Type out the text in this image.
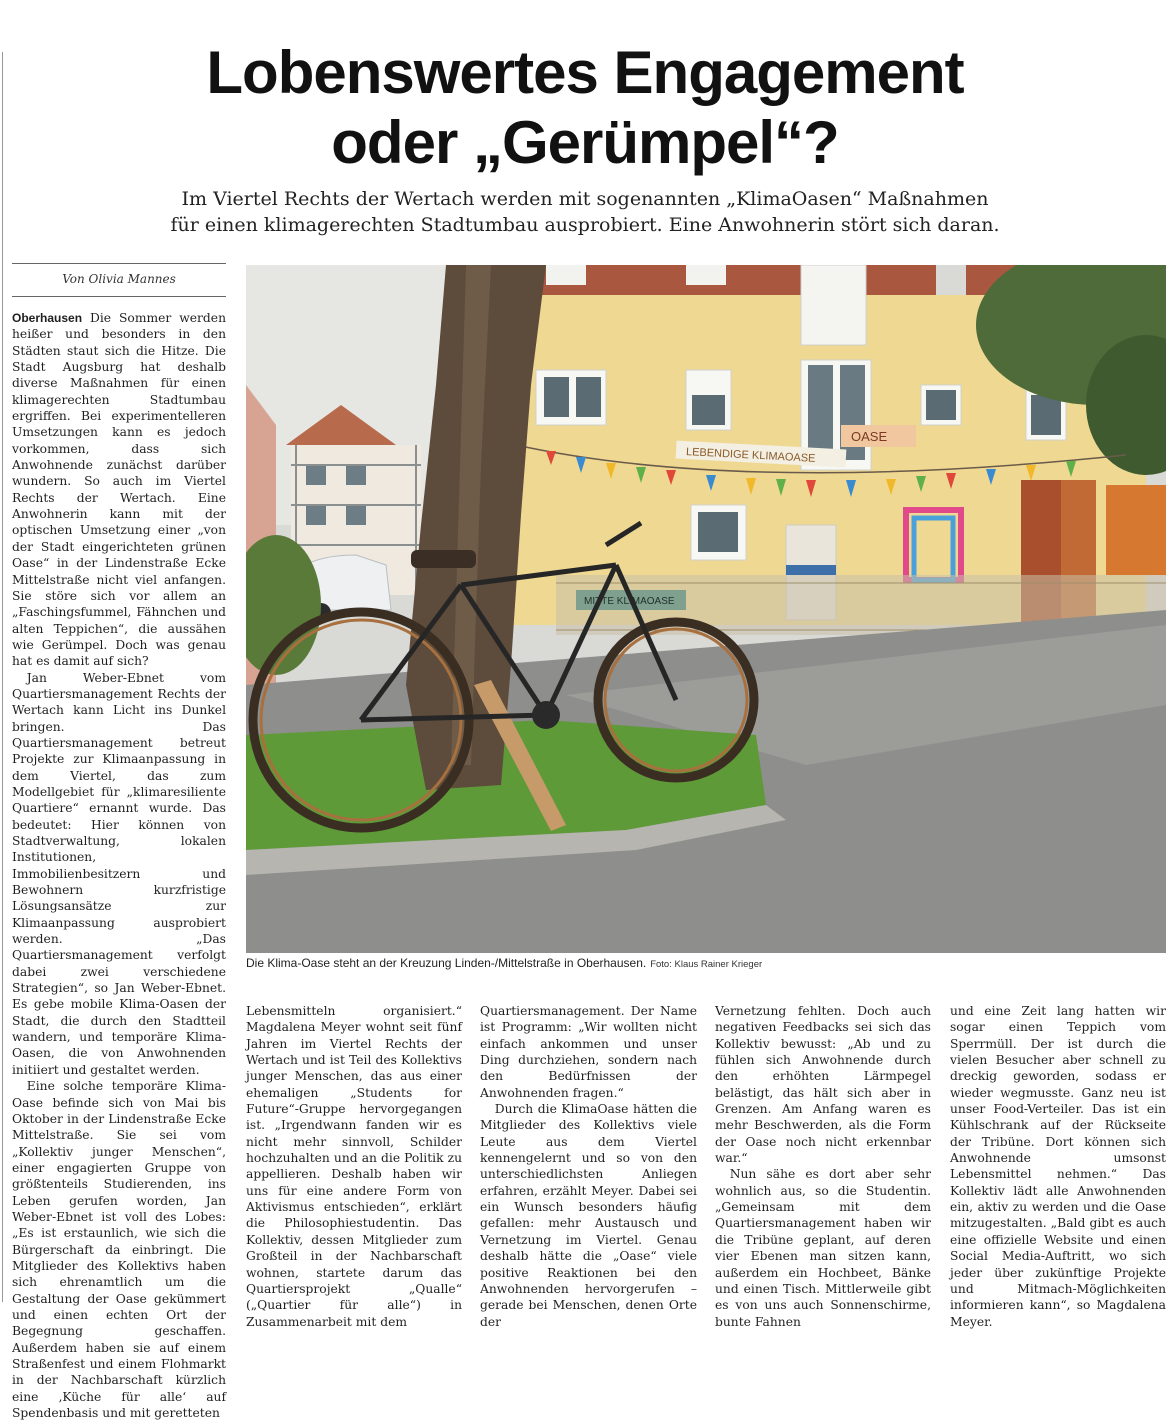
Lobenswertes Engagement
oder „Gerümpel“?
Im Viertel Rechts der Wertach werden mit sogenannten „KlimaOasen“ Maßnahmen
für einen klimagerechten Stadtumbau ausprobiert. Eine Anwohnerin stört sich daran.
Von Olivia Mannes

Oberhausen Die Sommer werden heißer und besonders in den Städten staut sich die Hitze. Die Stadt Augsburg hat deshalb diverse Maßnahmen für einen klimagerechten Stadtumbau ergriffen. Bei experimentelleren Umsetzungen kann es jedoch vorkommen, dass sich Anwohnende zunächst darüber wundern. So auch im Viertel Rechts der Wertach. Eine Anwohnerin kann mit der optischen Umsetzung einer „von der Stadt eingerichteten grünen Oase“ in der Lindenstraße Ecke Mittelstraße nicht viel anfangen. Sie störe sich vor allem an „Faschingsfummel, Fähnchen und alten Teppichen“, die aussähen wie Gerümpel. Doch was genau hat es damit auf sich?

Jan Weber-Ebnet vom Quartiersmanagement Rechts der Wertach kann Licht ins Dunkel bringen. Das Quartiersmanagement betreut Projekte zur Klimaanpassung in dem Viertel, das zum Modellgebiet für „klimaresiliente Quartiere“ ernannt wurde. Das bedeutet: Hier können von Stadtverwaltung, lokalen Institutionen, Immobilienbesitzern und Bewohnern kurzfristige Lösungsansätze zur Klimaanpassung ausprobiert werden. „Das Quartiersmanagement verfolgt dabei zwei verschiedene Strategien“, so Jan Weber-Ebnet. Es gebe mobile Klima-Oasen der Stadt, die durch den Stadtteil wandern, und temporäre Klima-Oasen, die von Anwohnenden initiiert und gestaltet werden.

Eine solche temporäre Klima-Oase befinde sich von Mai bis Oktober in der Lindenstraße Ecke Mittelstraße. Sie sei vom „Kollektiv junger Menschen“, einer engagierten Gruppe von größtenteils Studierenden, ins Leben gerufen worden, Jan Weber-Ebnet ist voll des Lobes: „Es ist erstaunlich, wie sich die Bürgerschaft da einbringt. Die Mitglieder des Kollektivs haben sich ehrenamtlich um die Gestaltung der Oase gekümmert und einen echten Ort der Begegnung geschaffen. Außerdem haben sie auf einem Straßenfest und einem Flohmarkt in der Nachbarschaft kürzlich eine ‚Küche für alle‘ auf Spendenbasis und mit geretteten

LEBENDIGE KLIMAOASE
OASE
MITTE KLIMAOASE
Die Klima-Oase steht an der Kreuzung Linden-/Mittelstraße in Oberhausen. Foto: Klaus Rainer Krieger

Lebensmitteln organisiert.“ Magdalena Meyer wohnt seit fünf Jahren im Viertel Rechts der Wertach und ist Teil des Kollektivs junger Menschen, das aus einer ehemaligen „Students for Future“-Gruppe hervorgegangen ist. „Irgendwann fanden wir es nicht mehr sinnvoll, Schilder hochzuhalten und an die Politik zu appellieren. Deshalb haben wir uns für eine andere Form von Aktivismus entschieden“, erklärt die Philosophiestudentin. Das Kollektiv, dessen Mitglieder zum Großteil in der Nachbarschaft wohnen, startete darum das Quartiersprojekt „Qualle“ („Quartier für alle“) in Zusammenarbeit mit dem

Quartiersmanagement. Der Name ist Programm: „Wir wollten nicht einfach ankommen und unser Ding durchziehen, sondern nach den Bedürfnissen der Anwohnenden fragen.“

Durch die KlimaOase hätten die Mitglieder des Kollektivs viele Leute aus dem Viertel kennengelernt und so von den unterschiedlichsten Anliegen erfahren, erzählt Meyer. Dabei sei ein Wunsch besonders häufig gefallen: mehr Austausch und Vernetzung im Viertel. Genau deshalb hätte die „Oase“ viele positive Reaktionen bei den Anwohnenden hervorgerufen – gerade bei Menschen, denen Orte der

Vernetzung fehlten. Doch auch negativen Feedbacks sei sich das Kollektiv bewusst: „Ab und zu fühlen sich Anwohnende durch den erhöhten Lärmpegel belästigt, das hält sich aber in Grenzen. Am Anfang waren es mehr Beschwerden, als die Form der Oase noch nicht erkennbar war.“

Nun sähe es dort aber sehr wohnlich aus, so die Studentin. „Gemeinsam mit dem Quartiersmanagement haben wir die Tribüne geplant, auf deren vier Ebenen man sitzen kann, außerdem ein Hochbeet, Bänke und einen Tisch. Mittlerweile gibt es von uns auch Sonnenschirme, bunte Fahnen

und eine Zeit lang hatten wir sogar einen Teppich vom Sperrmüll. Der ist durch die vielen Besucher aber schnell zu dreckig geworden, sodass er wieder wegmusste. Ganz neu ist unser Food-Verteiler. Das ist ein Kühlschrank auf der Rückseite der Tribüne. Dort können sich Anwohnende umsonst Lebensmittel nehmen.“ Das Kollektiv lädt alle Anwohnenden ein, aktiv zu werden und die Oase mitzugestalten. „Bald gibt es auch eine offizielle Website und einen Social Media-Auftritt, wo sich jeder über zukünftige Projekte und Mitmach-Möglichkeiten informieren kann“, so Magdalena Meyer.
